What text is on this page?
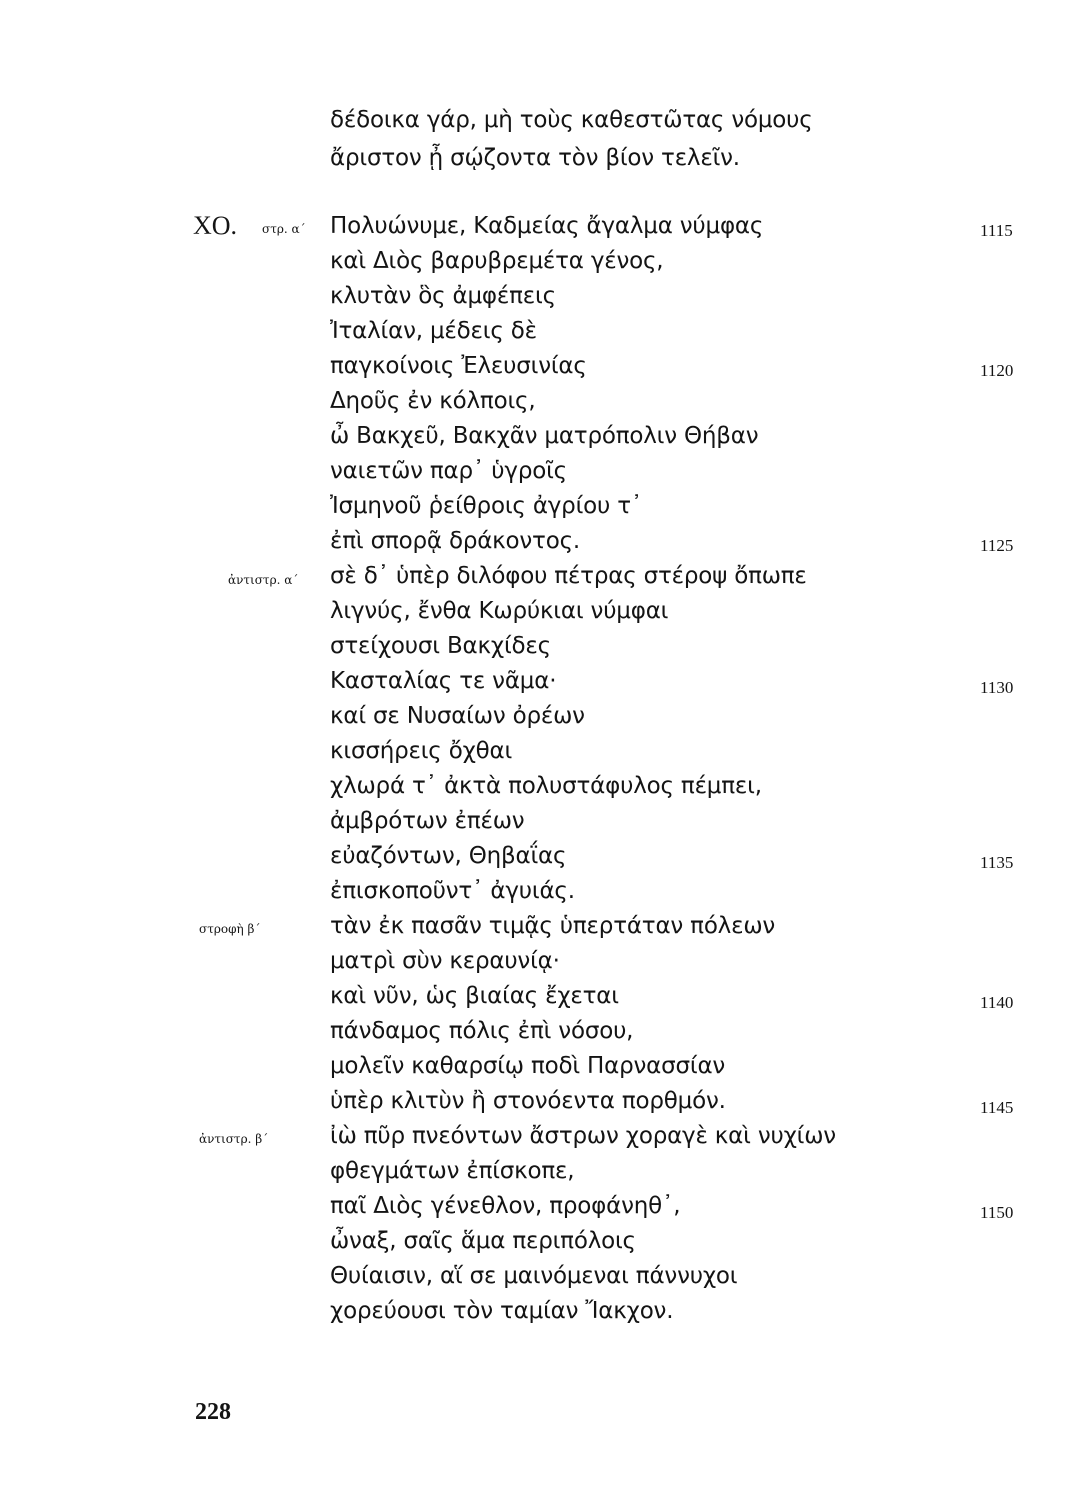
δέδοικα γάρ, μὴ τοὺς καθεστῶτας νόμους
ἄριστον ᾖ σῴζοντα τὸν βίον τελεῖν.
ΧΟ. στρ. α´
ἀντιστρ. α´
στροφὴ β´
ἀντιστρ. β´
Πολυώνυμε, Καδμείας ἄγαλμα νύμφας
καὶ Διὸς βαρυβρεμέτα γένος,
κλυτὰν ὃς ἀμφέπεις
Ἰταλίαν, μέδεις δὲ
παγκοίνοις Ἐλευσινίας
Δηοῦς ἐν κόλποις,
ὦ Βακχεῦ, Βακχᾶν ματρόπολιν Θήβαν
ναιετῶν παρ᾽ ὑγροῖς
Ἰσμηνοῦ ῥείθροις ἀγρίου τ᾽
ἐπὶ σπορᾷ δράκοντος.
σὲ δ᾽ ὑπὲρ διλόφου πέτρας στέροψ ὄπωπε
λιγνύς, ἔνθα Κωρύκιαι νύμφαι
στείχουσι Βακχίδες
Κασταλίας τε νᾶμα·
καί σε Νυσαίων ὀρέων
κισσήρεις ὄχθαι
χλωρά τ᾽ ἀκτὰ πολυστάφυλος πέμπει,
ἀμβρότων ἐπέων
εὐαζόντων, Θηβαΐας
ἐπισκοποῦντ᾽ ἀγυιάς.
τὰν ἐκ πασᾶν τιμᾷς ὑπερτάταν πόλεων
ματρὶ σὺν κεραυνίᾳ·
καὶ νῦν, ὡς βιαίας ἔχεται
πάνδαμος πόλις ἐπὶ νόσου,
μολεῖν καθαρσίῳ ποδὶ Παρνασσίαν
ὑπὲρ κλιτὺν ἢ στονόεντα πορθμόν.
ἰὼ πῦρ πνεόντων ἄστρων χοραγὲ καὶ νυχίων
φθεγμάτων ἐπίσκοπε,
παῖ Διὸς γένεθλον, προφάνηθ᾽,
ὦναξ, σαῖς ἅμα περιπόλοις
Θυίαισιν, αἵ σε μαινόμεναι πάννυχοι
χορεύουσι τὸν ταμίαν Ἴακχον.
1115
1120
1125
1130
1135
1140
1145
1150
228
